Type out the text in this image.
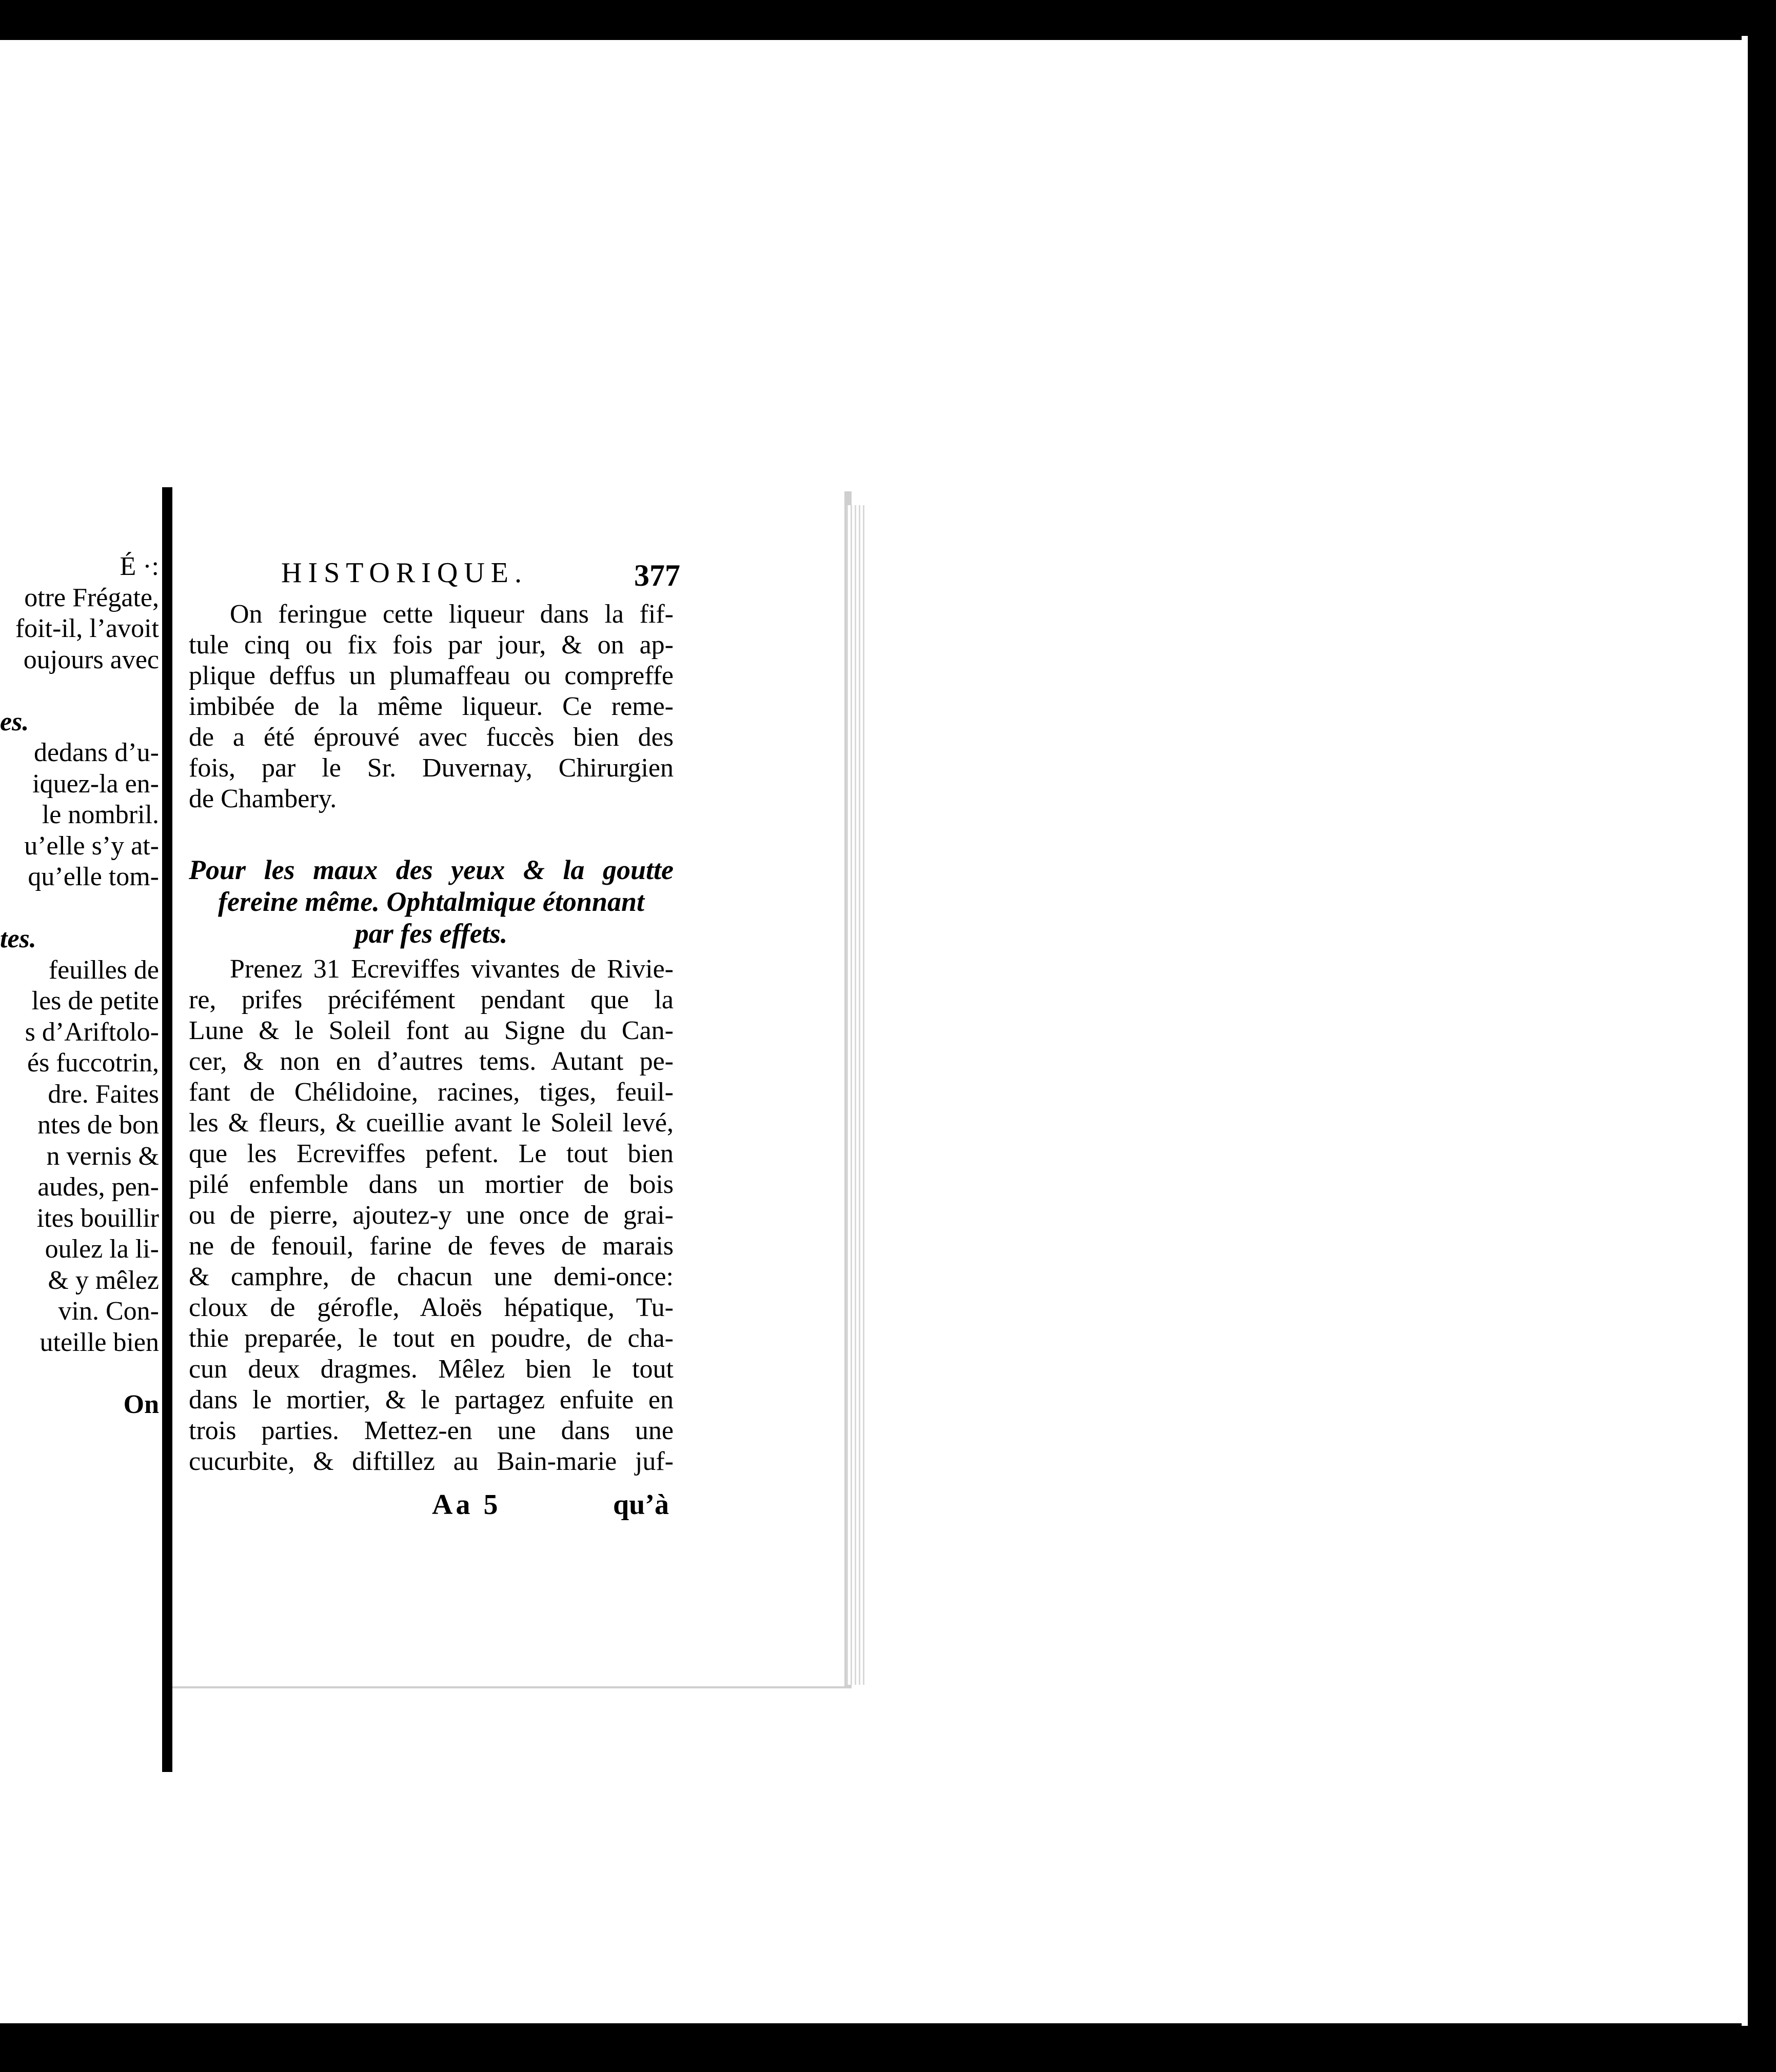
É ·:
otre Frégate,
foit-il, l’avoit
oujours avec
es.
dedans d’u-
iquez-la en-
le nombril.
u’elle s’y at-
qu’elle tom-
tes.
feuilles de
les de petite
s d’Ariftolo-
és fuccotrin,
dre. Faites
ntes de bon
n vernis &
audes, pen-
ites bouillir
oulez la li-
& y mêlez
vin. Con-
uteille bien
On
HISTORIQUE.	377
On feringue cette liqueur dans la fif-
tule cinq ou fix fois par jour, & on ap-
plique deffus un plumaffeau ou compreffe
imbibée de la même liqueur. Ce reme-
de a été éprouvé avec fuccès bien des
fois, par le Sr. Duvernay, Chirurgien
de Chambery.
Pour les maux des yeux & la goutte
fereine même. Ophtalmique étonnant
par fes effets.
Prenez 31 Ecreviffes vivantes de Rivie-
re, prifes précifément pendant que la
Lune & le Soleil font au Signe du Can-
cer, & non en d’autres tems. Autant pe-
fant de Chélidoine, racines, tiges, feuil-
les & fleurs, & cueillie avant le Soleil levé,
que les Ecreviffes pefent. Le tout bien
pilé enfemble dans un mortier de bois
ou de pierre, ajoutez-y une once de grai-
ne de fenouil, farine de feves de marais
& camphre, de chacun une demi-once:
cloux de gérofle, Aloës hépatique, Tu-
thie preparée, le tout en poudre, de cha-
cun deux dragmes. Mêlez bien le tout
dans le mortier, & le partagez enfuite en
trois parties. Mettez-en une dans une
cucurbite, & diftillez au Bain-marie juf-
Aa 5	qu’à
